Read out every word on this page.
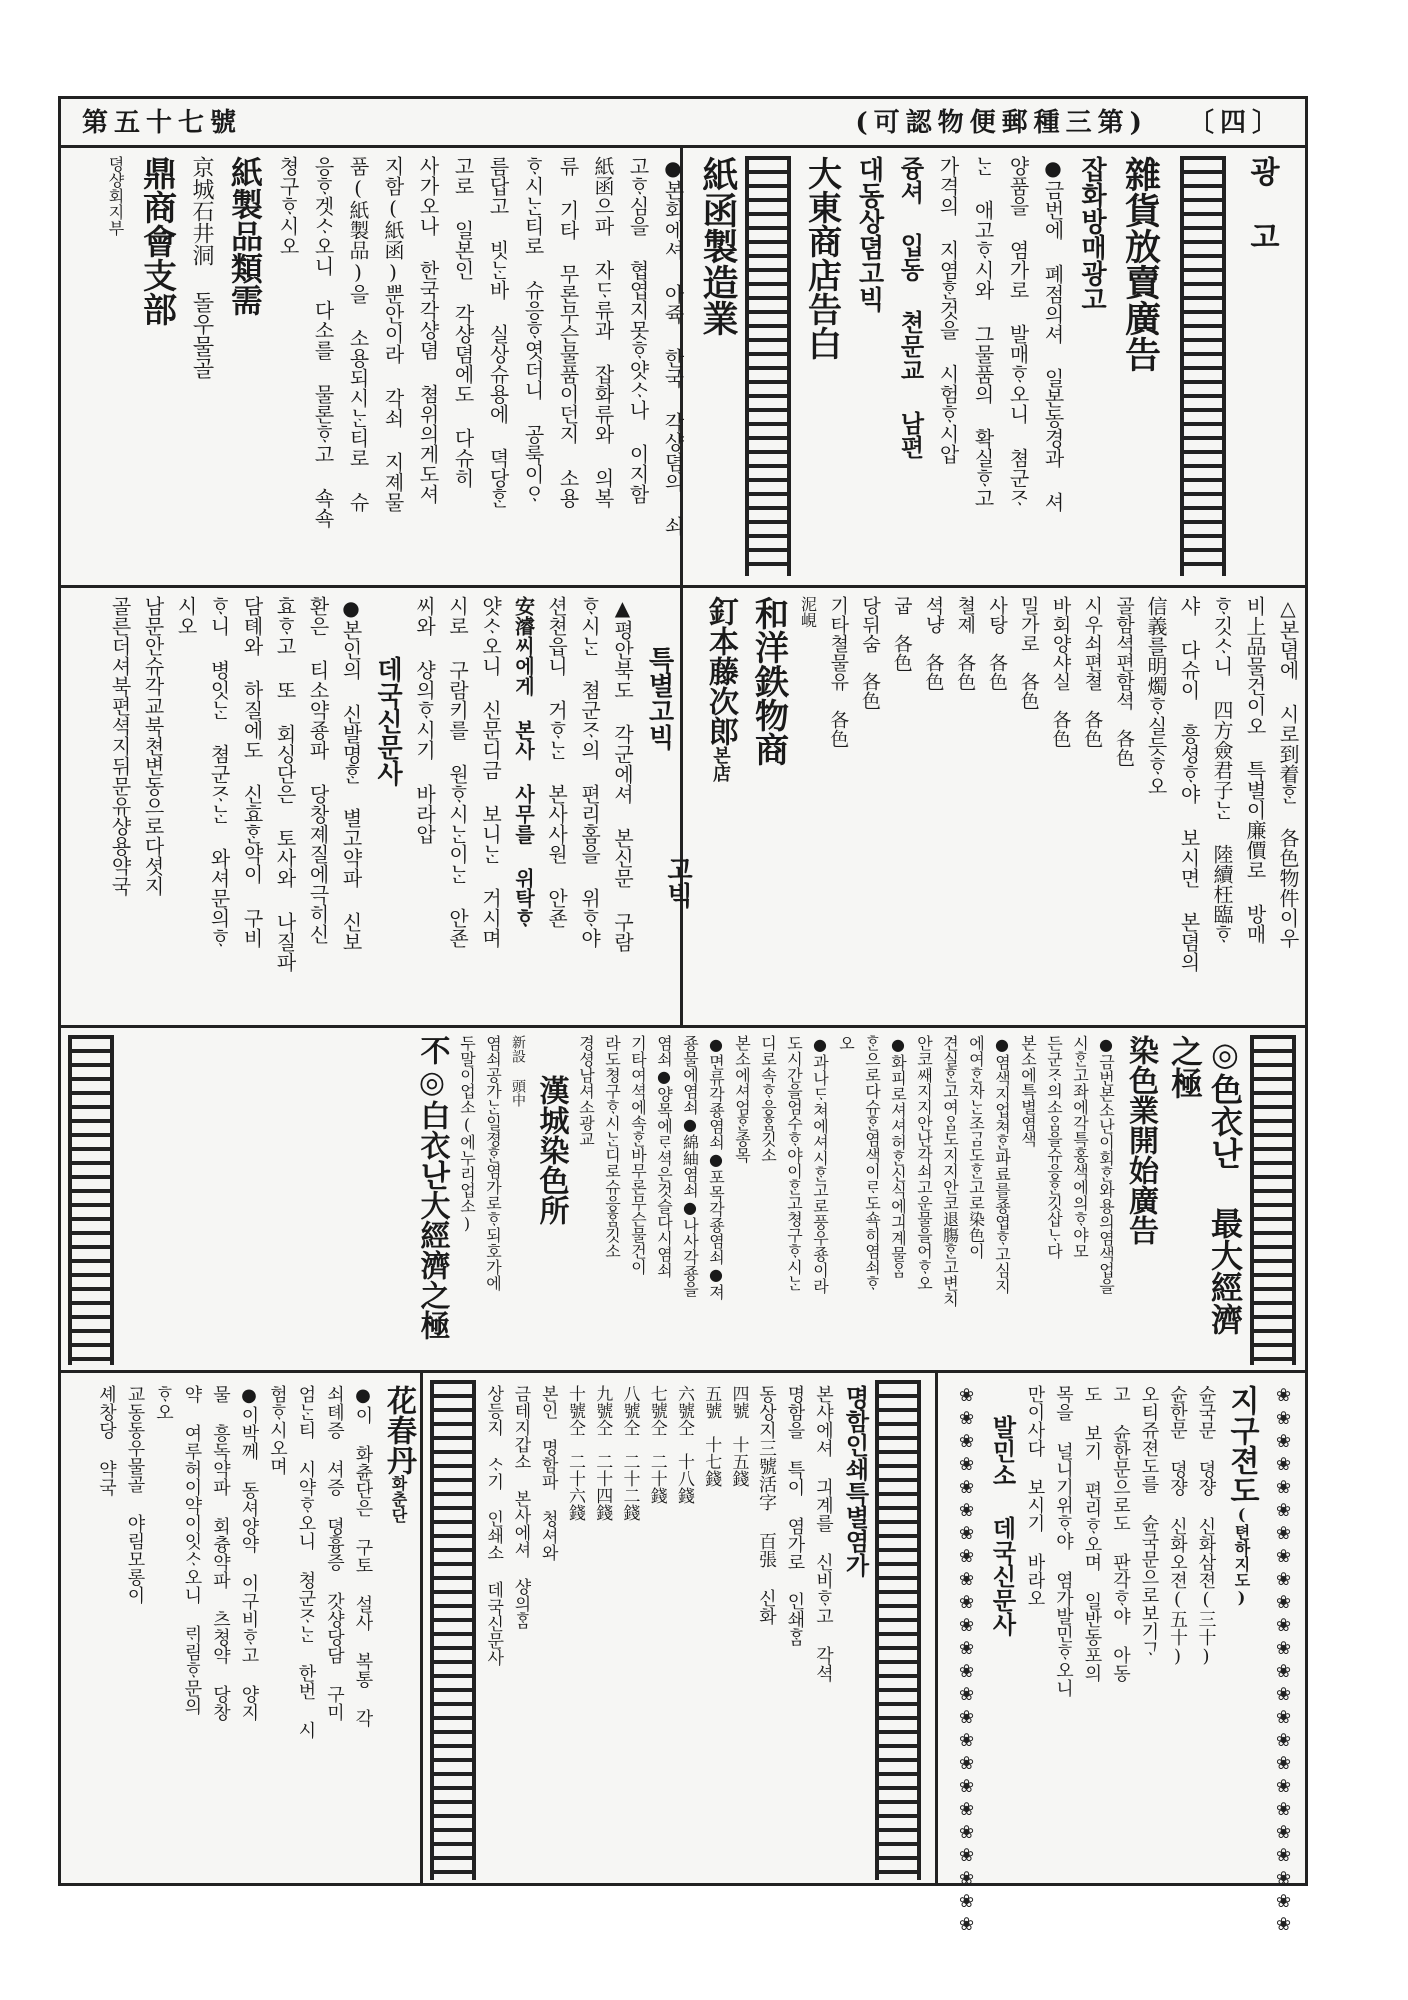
第五十七號	(可認物便郵種三第) 〔四〕
광 고
雜貨放賣廣告
잡화방매광고
●금번에 폐점의셔 일본동경과 셔
양품을 염가로 발매ᄒᆞ오니 쳠군ᄌᆞ
ᄂᆞᆫ 애고ᄒᆞ시와 그물품의 확실ᄒᆞ고
가격의 지염ᄒᆞᆫ것을 시험ᄒᆞ시압
즁셔 입동 쳔문교 남편
대동상뎜고빅
大東商店告白
紙函製造業
●본회에셔 아쥭 한국 각샹뎜의 쇠
고ᄒᆞ심을 협엽지못ᄒᆞ얏ᄉᆞ나 이지함
紙函으파 자ᄃᆞ류과 잡화류와 의복
류 기타 무론무슨물품이던지 소용
ᄒᆞ시ᄂᆞᆫ티로 슈응ᄒᆞ엿더니 공룩이ᄋᆞ
름답고 빗ᄂᆞᆫ바 실상슈용에 뎍당ᄒᆞᆫ
고로 일본인 각샹뎜에도 다슈히
사가오나 한국각샹뎜 쳠위의게도셔
지함(紙函)뿐안이라 각쇠 지졔물
품(紙製品)을 소용되시ᄂᆞᆫ티로 슈
응ᄒᆞ겟ᄉᆞ오니 다소를 물론ᄒᆞ고 쇽쇽
쳥구ᄒᆞ시오
紙製品類需
京城石井洞 돌우물골
鼎商會支部
뎡샹회지부
△본뎜에 시로到着ᄒᆞᆫ 各色物件이우
비上品물건이오 특별이廉價로 방매
ᄒᆞ깃ᄉᆞ니 四方僉君子ᄂᆞᆫ 陸續枉臨ᄒᆞ
샤 다슈이 흥셩ᄒᆞ야 보시면 본뎜의
信義를明燭ᄒᆞ실듯ᄒᆞ오
골함셕편함셕　各色
시우쇠편쳘　各色
바회양샤실　各色
밀가로　各色
사탕　各色
쳘졔　各色
셕냥　各色
굽　各色
당뒤숨　各色
기타쳘물유　各色
泥峴
和洋鉄物商
釘本藤次郎본店
고빅
특별고빅
▲평안북도 각군에셔 본신문 구람
ᄒᆞ시ᄂᆞᆫ 쳠군ᄌᆞ의 편리홈을 위ᄒᆞ야
션쳔읍니 거ᄒᆞᄂᆞᆫ 본사사원 안죤
安濬씨에게 본사 사무를 위탁ᄒᆞ
얏ᄉᆞ오니 신문디금 보니ᄂᆞᆫ 거시며
시로 구람키를 원ᄒᆞ시ᄂᆞᆫ이ᄂᆞᆫ 안죤
씨와 샹의ᄒᆞ시기 바라압
데국신문사
●본인의 신발명ᄒᆞᆫ 별고약파 신보
환은 티소약죵파 당창졔질에극히신
효ᄒᆞ고 또 회싱단은 토사와 나질파
담톄와 하질에도 신효ᄒᆞᆫ약이 구비
ᄒᆞ니 병잇ᄂᆞᆫ 쳠군ᄌᆞᄂᆞᆫ 와셔문의ᄒᆞ
시오
남문안슈각교북쳔변동으로다셧지
골른더셔북편셕지뒤문유샹용약국
◎色衣난 最大經濟之極
染色業開始廣告
●금번본소난이회ᄒᆞᆫ와용의염색업을
시ᄒᆞᆫ고좌에각특홍색에의ᄒᆞ야모
든군ᄌᆞ의소ᄋᆞᆷ을슈응ᄒᆞᆫ깃삽ᄂᆞ다
본소에특별염색
●염색지업쳐ᄒᆞᆫ파료를죵엽ᄒᆞ고심지
에여ᄒᆞᆫ자ᄂᆞᆫ조ᄀᆞᆷ도ᄒᆞᆫ고로染色이
견실ᄒᆞᆫ고여ᄋᆞᆷ도지지안코退膓ᄒᆞᆫ고변치
안코쌔지지안난각쇠고운물을어ᄒᆞ오
●화피로셔셔허ᄒᆞᆫ신식에긔계물ᄋᆞᆷ
ᄒᆞᆫ으로다슈ᄒᆞᆫ염색이ᄅᆞ도쇽히염쇠ᄒᆞ
오
●과나ᄃᆞ쳐에셔시ᄒᆞᆫ고로풍우죵이라
도시간을엄수ᄒᆞ야이ᄒᆞᆫ고쳥구ᄒᆞ시ᄂᆞᆫ
디로속ᄒᆞ응ᄒᆞᆷ깃소
본소에셔엄ᄒᆞᆫ종목
●면류각죵염쇠●포목각죵염쇠●져
죵물에염쇠●綿紬염쇠●나사각죵을
염쇠●양목에ᄅᆞ셕은것슬다시염쇠
기타여셕에속ᄒᆞᆫ바무론무슨물건이
라도쳥구ᄒᆞ시ᄂᆞᆫ디로슈응ᄒᆞᆷ깃소
경셩남셔소광교
漢城染色所
新設 頭中
염쇠공가ᄂᆞᆫ일졍ᄒᆞᆫ염가로ᄒᆞ되호가에
두말이업소(에누리업소)
不◎白衣난大經濟之極
❀❀❀❀❀❀❀❀❀❀❀❀❀❀❀❀❀❀❀❀❀❀❀❀
❀❀❀❀❀❀❀❀❀❀❀❀❀❀❀❀❀❀❀❀❀❀❀❀	지구젼도(텬하지도)
슌국문 뎡쟝 신화삼젼(三十)
슌한문 뎡쟝 신화오젼(五十)
오티쥬젼도를 슌국문으로보기ᄀᆞ
고 슌한문으로도 판각ᄒᆞ야 아동
도 보기 편리ᄒᆞ오며 일반동포의
목을 널니기위ᄒᆞ야 염가발민ᄒᆞ오니
만이사다 보시기 바라오
발민소 데국신문사
명함인쇄특별염가
본샤에셔 긔계를 신비ᄒᆞ고 각셕
명함을 특이 염가로 인쇄ᄒᆞᆷ
동상지三號活字 百張 신화
四號　十五錢
五號　十七錢
六號仝　十八錢
七號仝　二十錢
八號仝　二十二錢
九號仝　二十四錢
十號仝　二十六錢
본인 명함파 청셔와
금테지갑소 본사에셔 샹의ᄒᆞᆷ
상등지 ᄉᆞ기 인쇄소 데국신문사
花春丹화춘단
●이 화츈단은 구토 설사 복통 각
쇠톄증 셔증 뎡흉증 갓샹당담 구미
엄ᄂᆞᆫ티 시약ᄒᆞ오니 쳥군ᄌᆞᄂᆞᆫ 한번 시
험ᄒᆞ시오며
●이박께 동셔양약 이구비ᄒᆞ고 양지
물 흥독약파 회츙약파 츠쳥약 당창
약 여루허이약이잇ᄉᆞ오니 ᄅᆡ림ᄒᆞ문의
ᄒᆞ오
교동동우물골 야림모롱이
셰창당 약국
